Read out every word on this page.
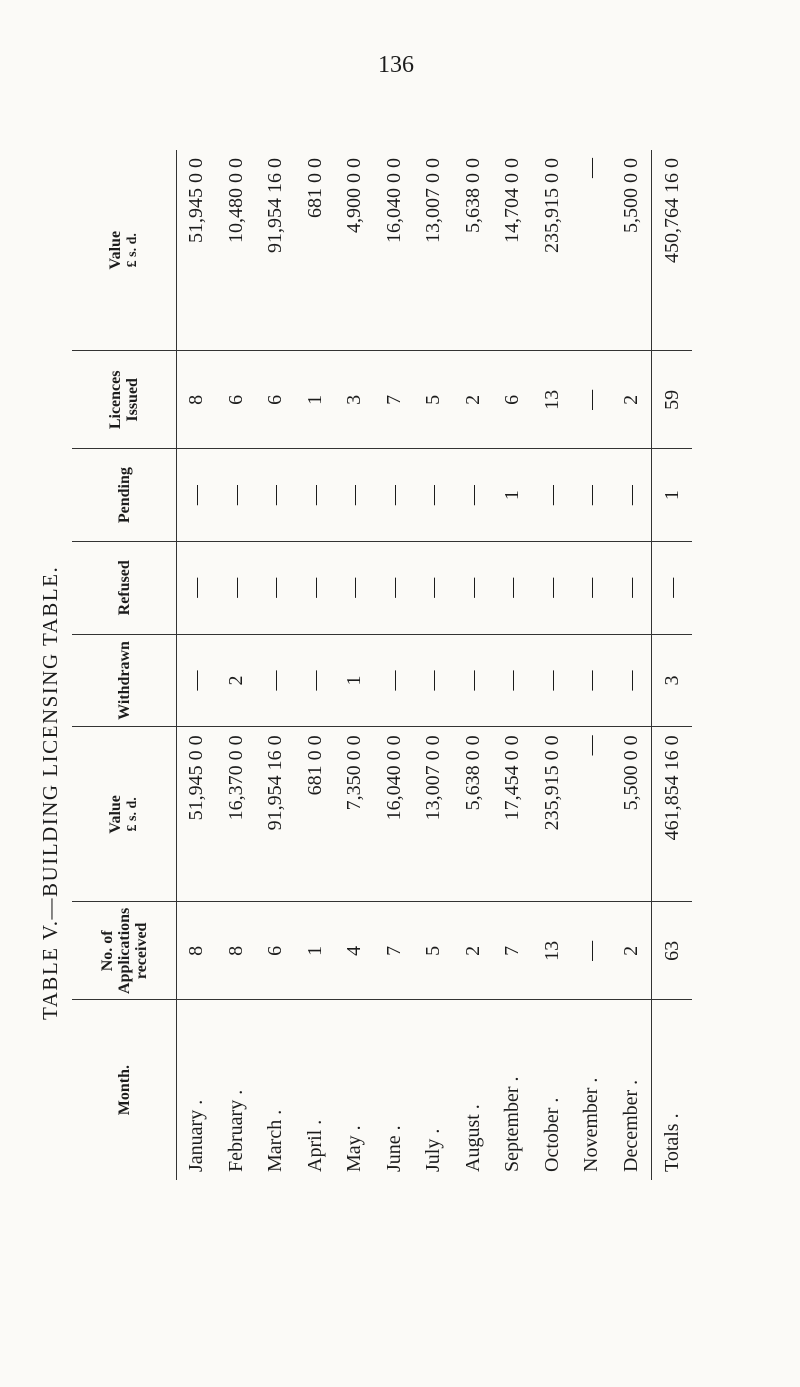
136
TABLE V.—BUILDING LICENSING TABLE.
Month.	No. of Applications received	Value £ s. d.	Withdrawn	Refused	Pending	Licences Issued	Value £ s. d.

January .	8	51,945 0 0	—	—	—	8	51,945 0 0
February .	8	16,370 0 0	2	—	—	6	10,480 0 0
March .	6	91,954 16 0	—	—	—	6	91,954 16 0
April .	1	681 0 0	—	—	—	1	681 0 0
May .	4	7,350 0 0	1	—	—	3	4,900 0 0
June .	7	16,040 0 0	—	—	—	7	16,040 0 0
July .	5	13,007 0 0	—	—	—	5	13,007 0 0
August .	2	5,638 0 0	—	—	—	2	5,638 0 0
September .	7	17,454 0 0	—	—	1	6	14,704 0 0
October .	13	235,915 0 0	—	—	—	13	235,915 0 0
November .	—	—	—	—	—	—	—
December .	2	5,500 0 0	—	—	—	2	5,500 0 0
Totals .	63	461,854 16 0	3	—	1	59	450,764 16 0
